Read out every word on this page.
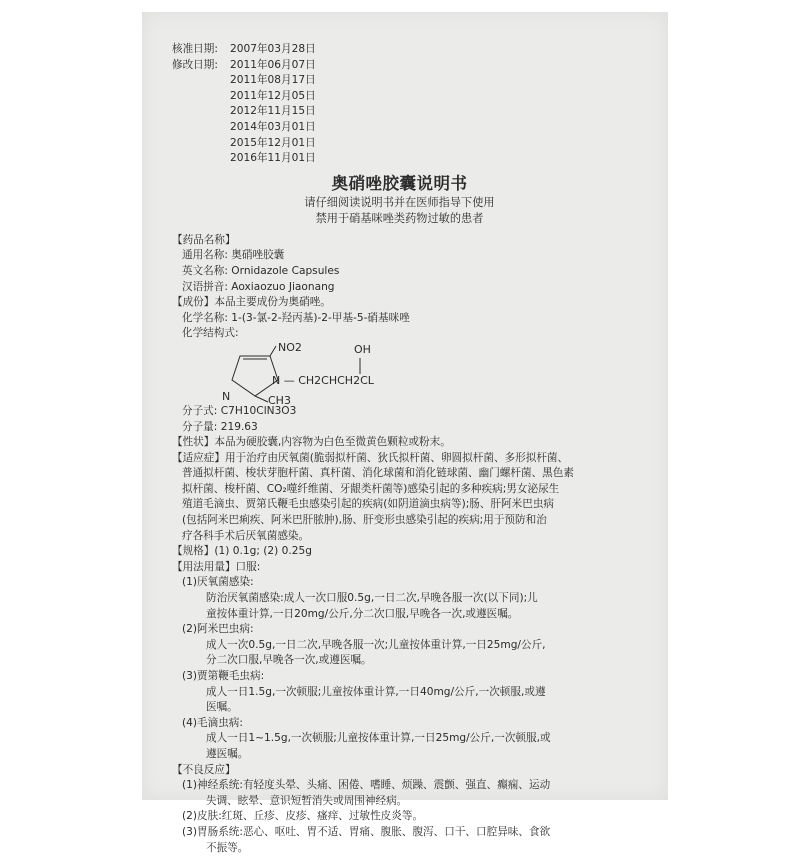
核准日期:	2007年03月28日
修改日期:	2011年06月07日
2011年08月17日
2011年12月05日
2012年11月15日
2014年03月01日
2015年12月01日
2016年11月01日
奥硝唑胶囊说明书
请仔细阅读说明书并在医师指导下使用
禁用于硝基咪唑类药物过敏的患者
【药品名称】
通用名称: 奥硝唑胶囊
英文名称: Ornidazole Capsules
汉语拼音: Aoxiaozuo Jiaonang
【成份】本品主要成份为奥硝唑。
化学名称: 1-(3-氯-2-羟丙基)-2-甲基-5-硝基咪唑
化学结构式:
NO2	OH
N — CH2CHCH2CL
N	CH3
分子式: C7H10ClN3O3
分子量: 219.63
【性状】本品为硬胶囊,内容物为白色至微黄色颗粒或粉末。
【适应症】用于治疗由厌氧菌(脆弱拟杆菌、狄氏拟杆菌、卵圆拟杆菌、多形拟杆菌、
普通拟杆菌、梭状芽胞杆菌、真杆菌、消化球菌和消化链球菌、幽门螺杆菌、黑色素
拟杆菌、梭杆菌、CO₂噬纤维菌、牙龈类杆菌等)感染引起的多种疾病;男女泌尿生
殖道毛滴虫、贾第氏鞭毛虫感染引起的疾病(如阴道滴虫病等);肠、肝阿米巴虫病
(包括阿米巴痢疾、阿米巴肝脓肿),肠、肝变形虫感染引起的疾病;用于预防和治
疗各科手术后厌氧菌感染。
【规格】(1) 0.1g; (2) 0.25g
【用法用量】口服:
(1)厌氧菌感染:
防治厌氧菌感染:成人一次口服0.5g,一日二次,早晚各服一次(以下同);儿
童按体重计算,一日20mg/公斤,分二次口服,早晚各一次,或遵医嘱。
(2)阿米巴虫病:
成人一次0.5g,一日二次,早晚各服一次;儿童按体重计算,一日25mg/公斤,
分二次口服,早晚各一次,或遵医嘱。
(3)贾第鞭毛虫病:
成人一日1.5g,一次顿服;儿童按体重计算,一日40mg/公斤,一次顿服,或遵
医嘱。
(4)毛滴虫病:
成人一日1~1.5g,一次顿服;儿童按体重计算,一日25mg/公斤,一次顿服,或
遵医嘱。
【不良反应】
(1)神经系统:有轻度头晕、头痛、困倦、嗜睡、烦躁、震颤、强直、癫痫、运动
失调、眩晕、意识短暂消失或周围神经病。
(2)皮肤:红斑、丘疹、皮疹、瘙痒、过敏性皮炎等。
(3)胃肠系统:恶心、呕吐、胃不适、胃痛、腹胀、腹泻、口干、口腔异味、食欲
不振等。
